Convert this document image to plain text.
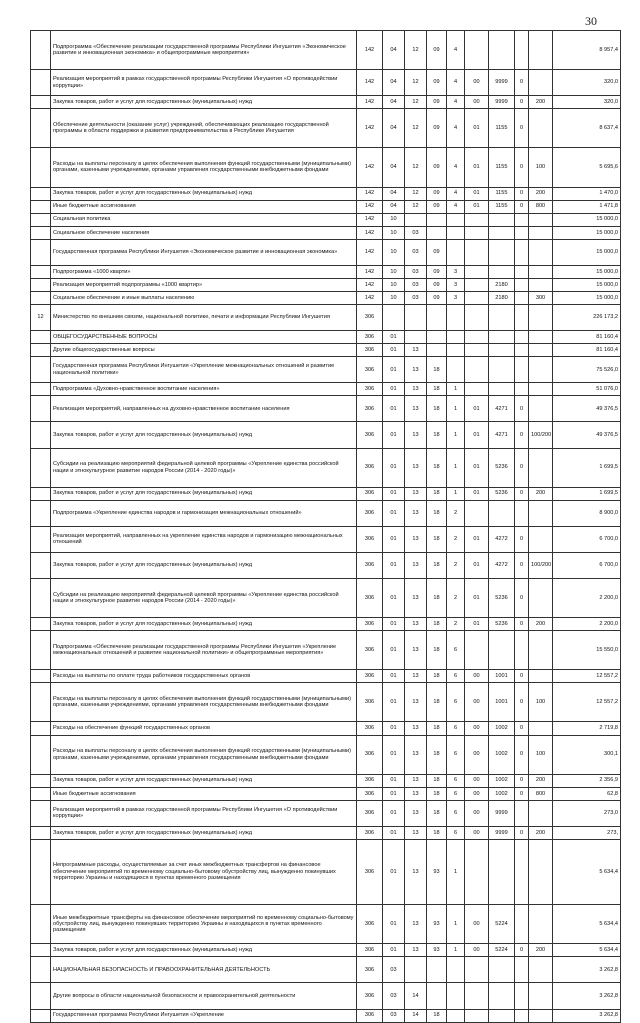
30
	Подпрограмма «Обеспечение реализации государственной программы Республики Ингушетия «Экономическое развитие и инновационная экономика» и общепрограммные мероприятия»	142	04	12	09	4					8 957,4
	Реализация мероприятий в рамках государственной программы Республики Ингушетия «О противодействии коррупции»	142	04	12	09	4	00	9999	0		320,0
	Закупка товаров, работ и услуг для государственных (муниципальных) нужд	142	04	12	09	4	00	9999	0	200	320,0
	Обеспечение деятельности (оказание услуг) учреждений, обеспечивающих реализацию государственной программы в области поддержки и развития предпринимательства в Республике Ингушетия	142	04	12	09	4	01	1155	0		8 637,4
	Расходы на выплаты персоналу в целях обеспечения выполнения функций государственными (муниципальными) органами, казенными учреждениями, органами управления государственными внебюджетными фондами	142	04	12	09	4	01	1155	0	100	5 695,6
	Закупка товаров, работ и услуг для государственных (муниципальных) нужд	142	04	12	09	4	01	1155	0	200	1 470,0
	Иные бюджетные ассигнования	142	04	12	09	4	01	1155	0	800	1 471,8
	Социальная политика	142	10								15 000,0
	Социальное обеспечение населения	142	10	03							15 000,0
	Государственная программа Республики Ингушетия «Экономическое развитие и инновационная экономика»	142	10	03	09						15 000,0
	Подпрограмма «1000 кварти»	142	10	03	09	3					15 000,0
	Реализация мероприятий подпрограммы «1000 квартир»	142	10	03	09	3		2180			15 000,0
	Социальное обеспечение и иные выплаты населению	142	10	03	09	3		2180		300	15 000,0
12	Министерство по внешним связям, национальной политике, печати и информации Республики Ингушетия	306									226 173,2
	ОБЩЕГОСУДАРСТВЕННЫЕ ВОПРОСЫ	306	01								81 160,4
	Другие общегосударственные вопросы	306	01	13							81 160,4
	Государственная программа Республики Ингушетия «Укрепление межнациональных отношений и развитие национальной политики»	306	01	13	18						75 526,0
	Подпрограмма «Духовно-нравственное воспитание населения»	306	01	13	18	1					51 076,0
	Реализация мероприятий, направленных на духовно-нравственное воспитание населения	306	01	13	18	1	01	4271	0		49 376,5
	Закупка товаров, работ и услуг для государственных (муниципальных) нужд	306	01	13	18	1	01	4271	0	100/200	49 376,5
	Субсидии на реализацию мероприятий федеральной целевой программы «Укрепление единства российской нации и этнокультурное развитие народов России (2014 - 2020 годы)»	306	01	13	18	1	01	5236	0		1 699,5
	Закупка товаров, работ и услуг для государственных (муниципальных) нужд	306	01	13	18	1	01	5236	0	200	1 699,5
	Подпрограмма «Укрепление единства народов и гармонизация межнациональных отношений»	306	01	13	18	2					8 900,0
	Реализация мероприятий, направленных на укрепление единства народов и гармонизацию межнациональных отношений	306	01	13	18	2	01	4272	0		6 700,0
	Закупка товаров, работ и услуг для государственных (муниципальных) нужд	306	01	13	18	2	01	4272	0	100/200	6 700,0
	Субсидии на реализацию мероприятий федеральной целевой программы «Укрепление единства российской нации и этнокультурное развитие народов России (2014 - 2020 годы)»	306	01	13	18	2	01	5236	0		2 200,0
	Закупка товаров, работ и услуг для государственных (муниципальных) нужд	306	01	13	18	2	01	5236	0	200	2 200,0
	Подпрограмма «Обеспечение реализации государственной программы Республики Ингушетия «Укрепление межнациональных отношений и развитие национальной политики» и общепрограммные мероприятия»	306	01	13	18	6					15 550,0
	Расходы на выплаты по оплате труда работников государственных органов	306	01	13	18	6	00	1001	0		12 557,2
	Расходы на выплаты персоналу в целях обеспечения выполнения функций государственными (муниципальными) органами, казенными учреждениями, органами управления государственными внебюджетными фондами	306	01	13	18	6	00	1001	0	100	12 557,2
	Расходы на обеспечение функций государственных органов	306	01	13	18	6	00	1002	0		2 719,8
	Расходы на выплаты персоналу в целях обеспечения выполнения функций государственными (муниципальными) органами, казенными учреждениями, органами управления государственными внебюджетными фондами	306	01	13	18	6	00	1002	0	100	300,1
	Закупка товаров, работ и услуг для государственных (муниципальных) нужд	306	01	13	18	6	00	1002	0	200	2 356,9
	Иные бюджетные ассигнования	306	01	13	18	6	00	1002	0	800	62,8
	Реализация мероприятий в рамках государственной программы Республики Ингушетия «О противодействии коррупции»	306	01	13	18	6	00	9999			273,0
	Закупка товаров, работ и услуг для государственных (муниципальных) нужд	306	01	13	18	6	00	9999	0	200	273,
	Непрограммные расходы, осуществляемые за счет иных межбюджетных трансфертов на финансовое обеспечение мероприятий по временному социально-бытовому обустройству лиц, вынужденно покинувших территорию Украины и находящихся в пунктах временного размещения	306	01	13	93	1					5 634,4
	Иные межбюджетные трансферты на финансовое обеспечение мероприятий по временному социально-бытовому обустройству лиц, вынужденно покинувших территорию Украины и находящихся в пунктах временного размещения	306	01	13	93	1	00	5224			5 634,4
	Закупка товаров, работ и услуг для государственных (муниципальных) нужд	306	01	13	93	1	00	5224	0	200	5 634,4
	НАЦИОНАЛЬНАЯ БЕЗОПАСНОСТЬ И ПРАВООХРАНИТЕЛЬНАЯ ДЕЯТЕЛЬНОСТЬ	306	03								3 262,8
	Другие вопросы в области национальной безопасности и правоохранительной деятельности	306	03	14							3 262,8
	Государственная программа Республики Ингушетия «Укрепление	306	03	14	18						3 262,8
